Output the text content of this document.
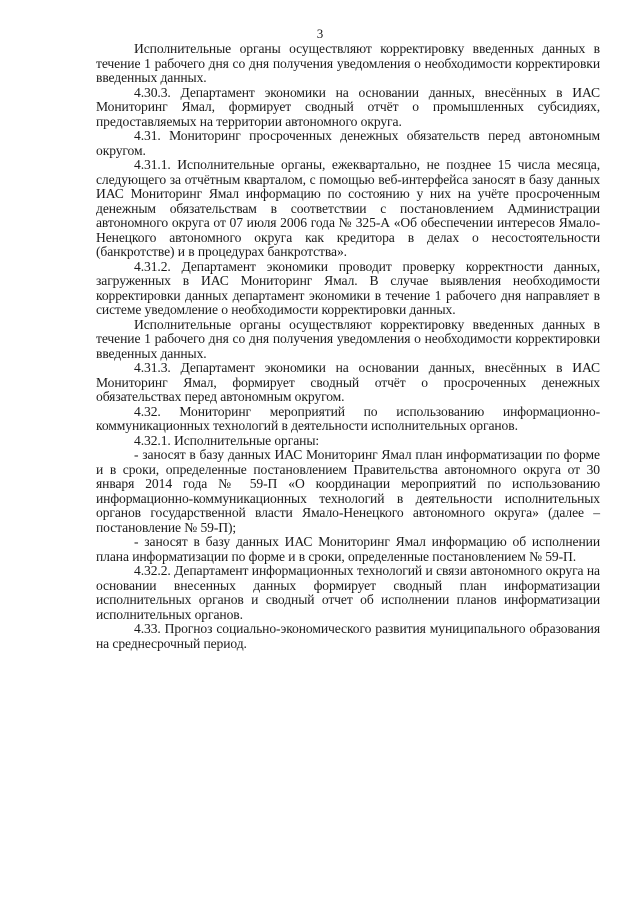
3

Исполнительные органы осуществляют корректировку введенных данных в течение 1 рабочего дня со дня получения уведомления о необходимости корректировки введенных данных.

4.30.3. Департамент экономики на основании данных, внесённых в ИАС Мониторинг Ямал, формирует сводный отчёт о промышленных субсидиях, предоставляемых на территории автономного округа.

4.31. Мониторинг просроченных денежных обязательств перед автономным округом.

4.31.1. Исполнительные органы, ежеквартально, не позднее 15 числа месяца, следующего за отчётным кварталом, с помощью веб-интерфейса заносят в базу данных ИАС Мониторинг Ямал информацию по состоянию у них на учёте просроченным денежным обязательствам в соответствии с постановлением Администрации автономного округа от 07 июля 2006 года № 325-А «Об обеспечении интересов Ямало-Ненецкого автономного округа как кредитора в делах о несостоятельности (банкротстве) и в процедурах банкротства».

4.31.2. Департамент экономики проводит проверку корректности данных, загруженных в ИАС Мониторинг Ямал. В случае выявления необходимости корректировки данных департамент экономики в течение 1 рабочего дня направляет в системе уведомление о необходимости корректировки данных.

Исполнительные органы осуществляют корректировку введенных данных в течение 1 рабочего дня со дня получения уведомления о необходимости корректировки введенных данных.

4.31.3. Департамент экономики на основании данных, внесённых в ИАС Мониторинг Ямал, формирует сводный отчёт о просроченных денежных обязательствах перед автономным округом.

4.32. Мониторинг мероприятий по использованию информационно-коммуникационных технологий в деятельности исполнительных органов.

4.32.1. Исполнительные органы:

- заносят в базу данных ИАС Мониторинг Ямал план информатизации по форме и в сроки, определенные постановлением Правительства автономного округа от 30 января 2014 года № 59-П «О координации мероприятий по использованию информационно-коммуникационных технологий в деятельности исполнительных органов государственной власти Ямало-Ненецкого автономного округа» (далее – постановление № 59-П);

- заносят в базу данных ИАС Мониторинг Ямал информацию об исполнении плана информатизации по форме и в сроки, определенные постановлением № 59-П.

4.32.2. Департамент информационных технологий и связи автономного округа на основании внесенных данных формирует сводный план информатизации исполнительных органов и сводный отчет об исполнении планов информатизации исполнительных органов.

4.33. Прогноз социально-экономического развития муниципального образования на среднесрочный период.
